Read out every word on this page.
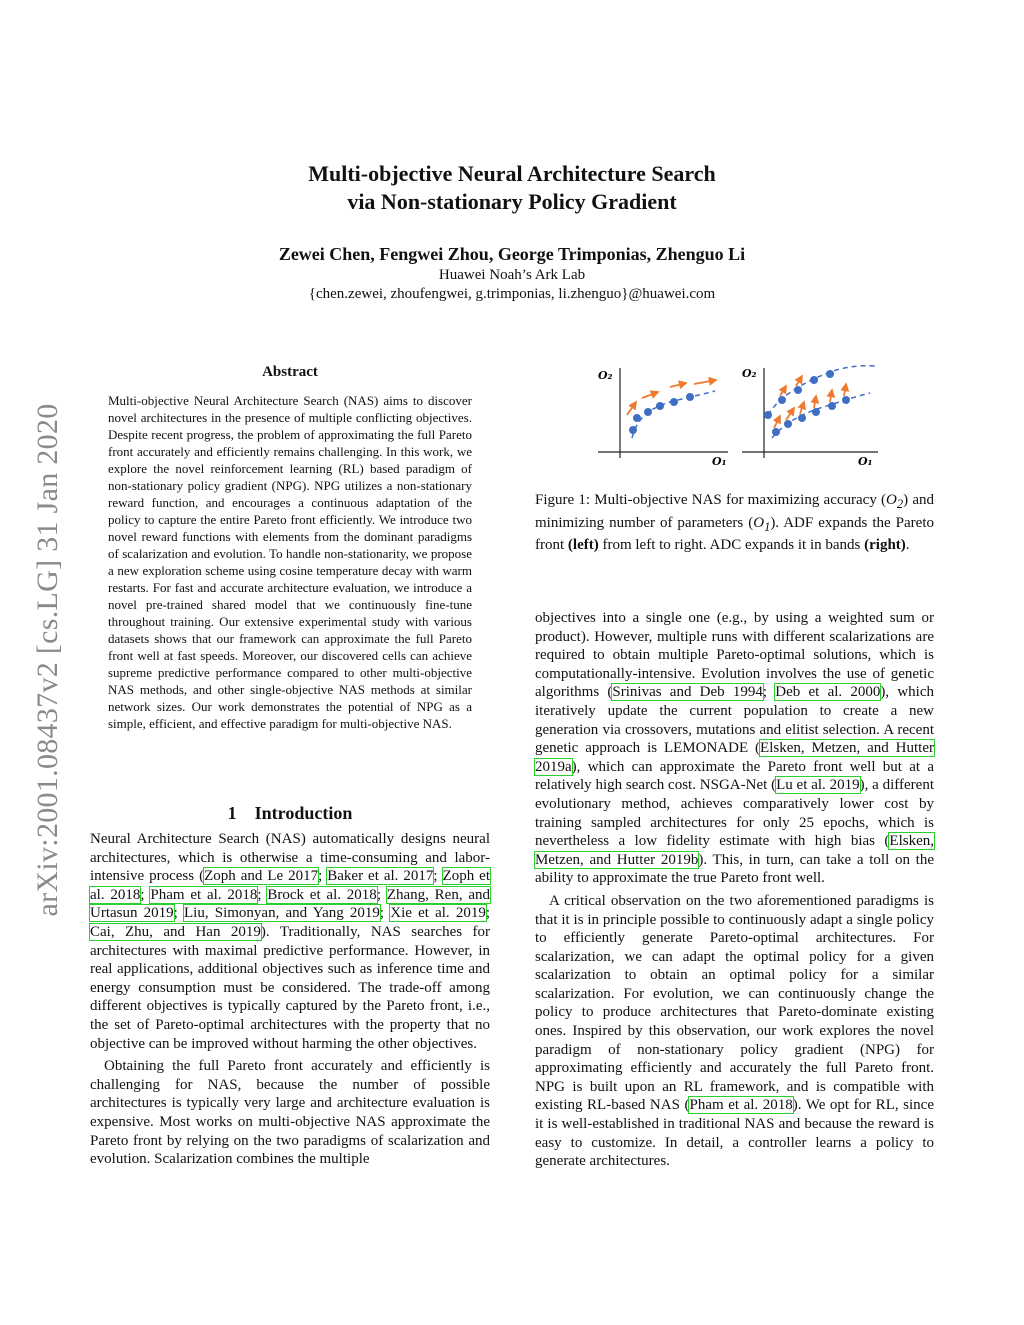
arXiv:2001.08437v2 [cs.LG] 31 Jan 2020
Multi-objective Neural Architecture Search
via Non-stationary Policy Gradient
Zewei Chen, Fengwei Zhou, George Trimponias, Zhenguo Li
Huawei Noah’s Ark Lab
{chen.zewei, zhoufengwei, g.trimponias, li.zhenguo}@huawei.com
Abstract
Multi-objective Neural Architecture Search (NAS) aims to discover novel architectures in the presence of multiple conflicting objectives. Despite recent progress, the problem of approximating the full Pareto front accurately and efficiently remains challenging. In this work, we explore the novel reinforcement learning (RL) based paradigm of non-stationary policy gradient (NPG). NPG utilizes a non-stationary reward function, and encourages a continuous adaptation of the policy to capture the entire Pareto front efficiently. We introduce two novel reward functions with elements from the dominant paradigms of scalarization and evolution. To handle non-stationarity, we propose a new exploration scheme using cosine temperature decay with warm restarts. For fast and accurate architecture evaluation, we introduce a novel pre-trained shared model that we continuously fine-tune throughout training. Our extensive experimental study with various datasets shows that our framework can approximate the full Pareto front well at fast speeds. Moreover, our discovered cells can achieve supreme predictive performance compared to other multi-objective NAS methods, and other single-objective NAS methods at similar network sizes. Our work demonstrates the potential of NPG as a simple, efficient, and effective paradigm for multi-objective NAS.
1 Introduction

Neural Architecture Search (NAS) automatically designs neural architectures, which is otherwise a time-consuming and labor-intensive process (Zoph and Le 2017; Baker et al. 2017; Zoph et al. 2018; Pham et al. 2018; Brock et al. 2018; Zhang, Ren, and Urtasun 2019; Liu, Simonyan, and Yang 2019; Xie et al. 2019; Cai, Zhu, and Han 2019). Traditionally, NAS searches for architectures with maximal predictive performance. However, in real applications, additional objectives such as inference time and energy consumption must be considered. The trade-off among different objectives is typically captured by the Pareto front, i.e., the set of Pareto-optimal architectures with the property that no objective can be improved without harming the other objectives.

Obtaining the full Pareto front accurately and efficiently is challenging for NAS, because the number of possible architectures is typically very large and architecture evaluation is expensive. Most works on multi-objective NAS approximate the Pareto front by relying on the two paradigms of scalarization and evolution. Scalarization combines the multiple

O₂
O₁
O₂
O₁
Figure 1: Multi-objective NAS for maximizing accuracy $(O_2)$ and minimizing number of parameters $(O_1)$. ADF expands the Pareto front (left) from left to right. ADC expands it in bands (right).

objectives into a single one (e.g., by using a weighted sum or product). However, multiple runs with different scalarizations are required to obtain multiple Pareto-optimal solutions, which is computationally-intensive. Evolution involves the use of genetic algorithms (Srinivas and Deb 1994; Deb et al. 2000), which iteratively update the current population to create a new generation via crossovers, mutations and elitist selection. A recent genetic approach is LEMONADE (Elsken, Metzen, and Hutter 2019a), which can approximate the Pareto front well but at a relatively high search cost. NSGA-Net (Lu et al. 2019), a different evolutionary method, achieves comparatively lower cost by training sampled architectures for only 25 epochs, which is nevertheless a low fidelity estimate with high bias (Elsken, Metzen, and Hutter 2019b). This, in turn, can take a toll on the ability to approximate the true Pareto front well.

A critical observation on the two aforementioned paradigms is that it is in principle possible to continuously adapt a single policy to efficiently generate Pareto-optimal architectures. For scalarization, we can adapt the optimal policy for a given scalarization to obtain an optimal policy for a similar scalarization. For evolution, we can continuously change the policy to produce architectures that Pareto-dominate existing ones. Inspired by this observation, our work explores the novel paradigm of non-stationary policy gradient (NPG) for approximating efficiently and accurately the full Pareto front. NPG is built upon an RL framework, and is compatible with existing RL-based NAS (Pham et al. 2018). We opt for RL, since it is well-established in traditional NAS and because the reward is easy to customize. In detail, a controller learns a policy to generate architectures.
